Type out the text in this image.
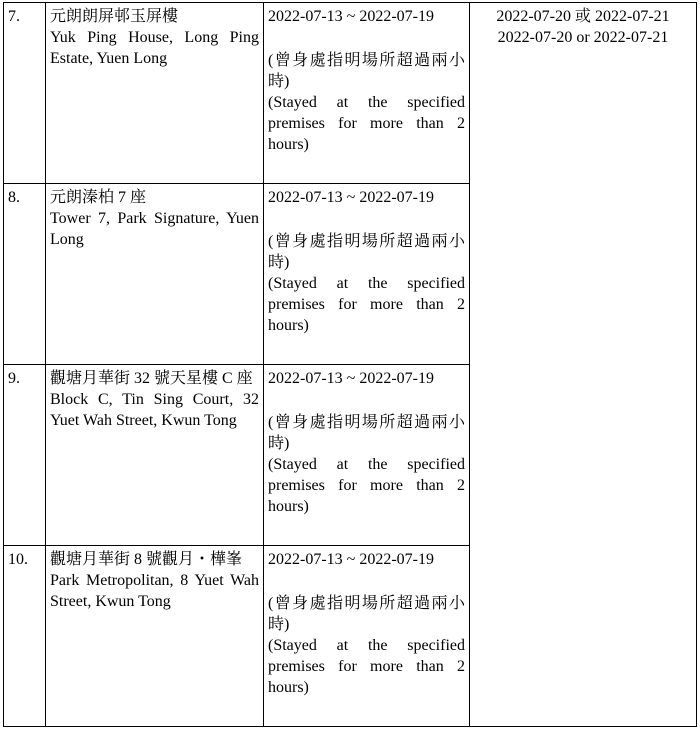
7.	元朗朗屏邨玉屏樓
Yuk Ping House, Long Ping Estate, Yuen Long	2022-07-13 ~ 2022-07-19
(曾身處指明場所超過兩小時)
(Stayed at the specified premises for more than 2 hours)	2022-07-20 或 2022-07-21
2022-07-20 or 2022-07-21

8.	元朗溱柏 7 座
Tower 7, Park Signature, Yuen Long	2022-07-13 ~ 2022-07-19
(曾身處指明場所超過兩小時)
(Stayed at the specified premises for more than 2 hours)	

9.	觀塘月華街 32 號天星樓 C 座
Block C, Tin Sing Court, 32 Yuet Wah Street, Kwun Tong	2022-07-13 ~ 2022-07-19
(曾身處指明場所超過兩小時)
(Stayed at the specified premises for more than 2 hours)	

10.	觀塘月華街 8 號觀月・樺峯
Park Metropolitan, 8 Yuet Wah Street, Kwun Tong	2022-07-13 ~ 2022-07-19
(曾身處指明場所超過兩小時)
(Stayed at the specified premises for more than 2 hours)	
